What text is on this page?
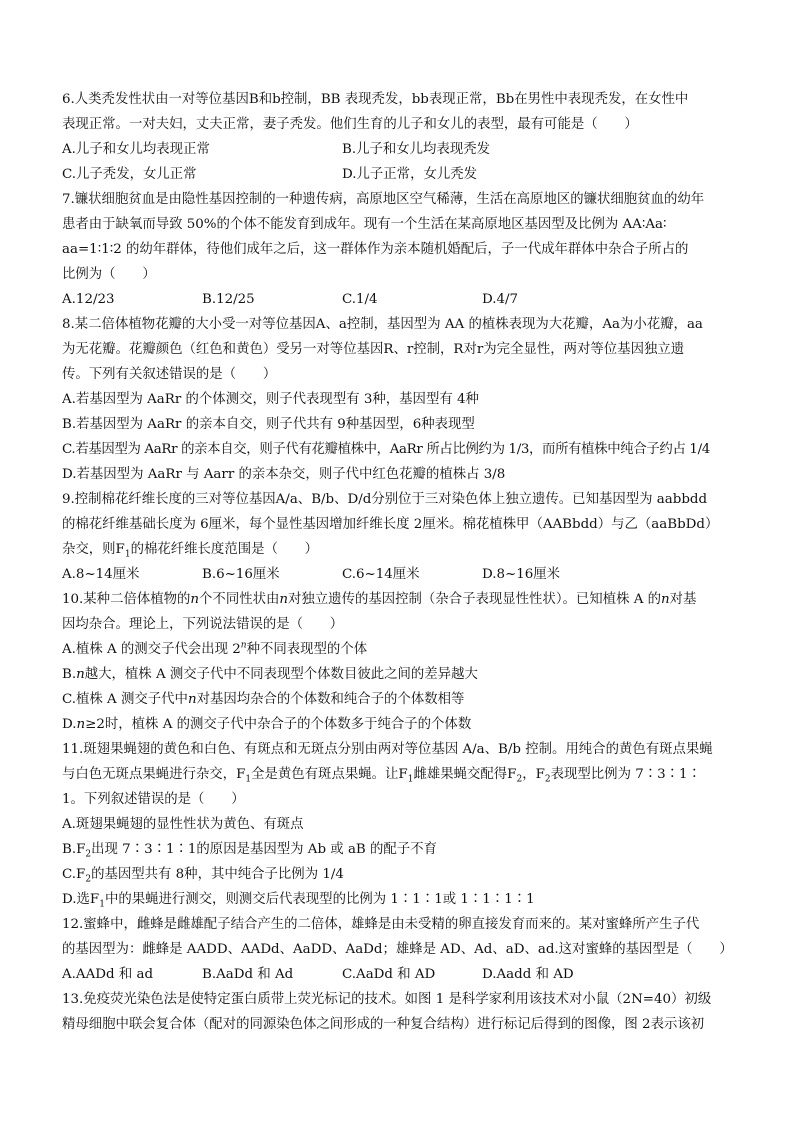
6.人类秃发性状由一对等位基因B和b控制，BB 表现秃发，bb表现正常，Bb在男性中表现秃发，在女性中
表现正常。一对夫妇，丈夫正常，妻子秃发。他们生育的儿子和女儿的表型，最有可能是（　　）
A.儿子和女儿均表现正常	B.儿子和女儿均表现秃发
C.儿子秃发，女儿正常	D.儿子正常，女儿秃发
7.镰状细胞贫血是由隐性基因控制的一种遗传病，高原地区空气稀薄，生活在高原地区的镰状细胞贫血的幼年
患者由于缺氧而导致 50%的个体不能发育到成年。现有一个生活在某高原地区基因型及比例为 AA∶Aa∶
aa=1∶1∶2 的幼年群体，待他们成年之后，这一群体作为亲本随机婚配后，子一代成年群体中杂合子所占的
比例为（　　）
A.12/23	B.12/25	C.1/4	D.4/7
8.某二倍体植物花瓣的大小受一对等位基因A、a控制，基因型为 AA 的植株表现为大花瓣，Aa为小花瓣，aa
为无花瓣。花瓣颜色（红色和黄色）受另一对等位基因R、r控制，R对r为完全显性，两对等位基因独立遗
传。下列有关叙述错误的是（　　）
A.若基因型为 AaRr 的个体测交，则子代表现型有 3种，基因型有 4种
B.若基因型为 AaRr 的亲本自交，则子代共有 9种基因型，6种表现型
C.若基因型为 AaRr 的亲本自交，则子代有花瓣植株中，AaRr 所占比例约为 1/3，而所有植株中纯合子约占 1/4
D.若基因型为 AaRr 与 Aarr 的亲本杂交，则子代中红色花瓣的植株占 3/8
9.控制棉花纤维长度的三对等位基因A/a、B/b、D/d分别位于三对染色体上独立遗传。已知基因型为 aabbdd
的棉花纤维基础长度为 6厘米，每个显性基因增加纤维长度 2厘米。棉花植株甲（AABbdd）与乙（aaBbDd）
杂交，则$F_1$的棉花纤维长度范围是（　　）
A.8~14厘米	B.6~16厘米	C.6~14厘米	D.8~16厘米
10.某种二倍体植物的n个不同性状由n对独立遗传的基因控制（杂合子表现显性性状）。已知植株 A 的n对基
因均杂合。理论上，下列说法错误的是（　　）
A.植株 A 的测交子代会出现 2$^n$种不同表现型的个体
B.n越大，植株 A 测交子代中不同表现型个体数目彼此之间的差异越大
C.植株 A 测交子代中n对基因均杂合的个体数和纯合子的个体数相等
D.n≥2时，植株 A 的测交子代中杂合子的个体数多于纯合子的个体数
11.斑翅果蝇翅的黄色和白色、有斑点和无斑点分别由两对等位基因 A/a、B/b 控制。用纯合的黄色有斑点果蝇
与白色无斑点果蝇进行杂交，$F_1$全是黄色有斑点果蝇。让$F_1$雌雄果蝇交配得$F_2$，$F_2$表现型比例为 7∶3∶1∶
1。下列叙述错误的是（　　）
A.斑翅果蝇翅的显性性状为黄色、有斑点
$B.F_2$出现 7∶3∶1∶1的原因是基因型为 Ab 或 aB 的配子不育
$C.F_2$的基因型共有 8种，其中纯合子比例为 1/4
D.选$F_1$中的果蝇进行测交，则测交后代表现型的比例为 1∶1∶1或 1∶1∶1∶1
12.蜜蜂中，雌蜂是雌雄配子结合产生的二倍体，雄蜂是由未受精的卵直接发育而来的。某对蜜蜂所产生子代
的基因型为：雌蜂是 AADD、AADd、AaDD、AaDd；雄蜂是 AD、Ad、aD、ad.这对蜜蜂的基因型是（　　）
A.AADd 和 ad	B.AaDd 和 Ad	C.AaDd 和 AD	D.Aadd 和 AD
13.免疫荧光染色法是使特定蛋白质带上荧光标记的技术。如图 1 是科学家利用该技术对小鼠（2N=40）初级
精母细胞中联会复合体（配对的同源染色体之间形成的一种复合结构）进行标记后得到的图像，图 2表示该初
